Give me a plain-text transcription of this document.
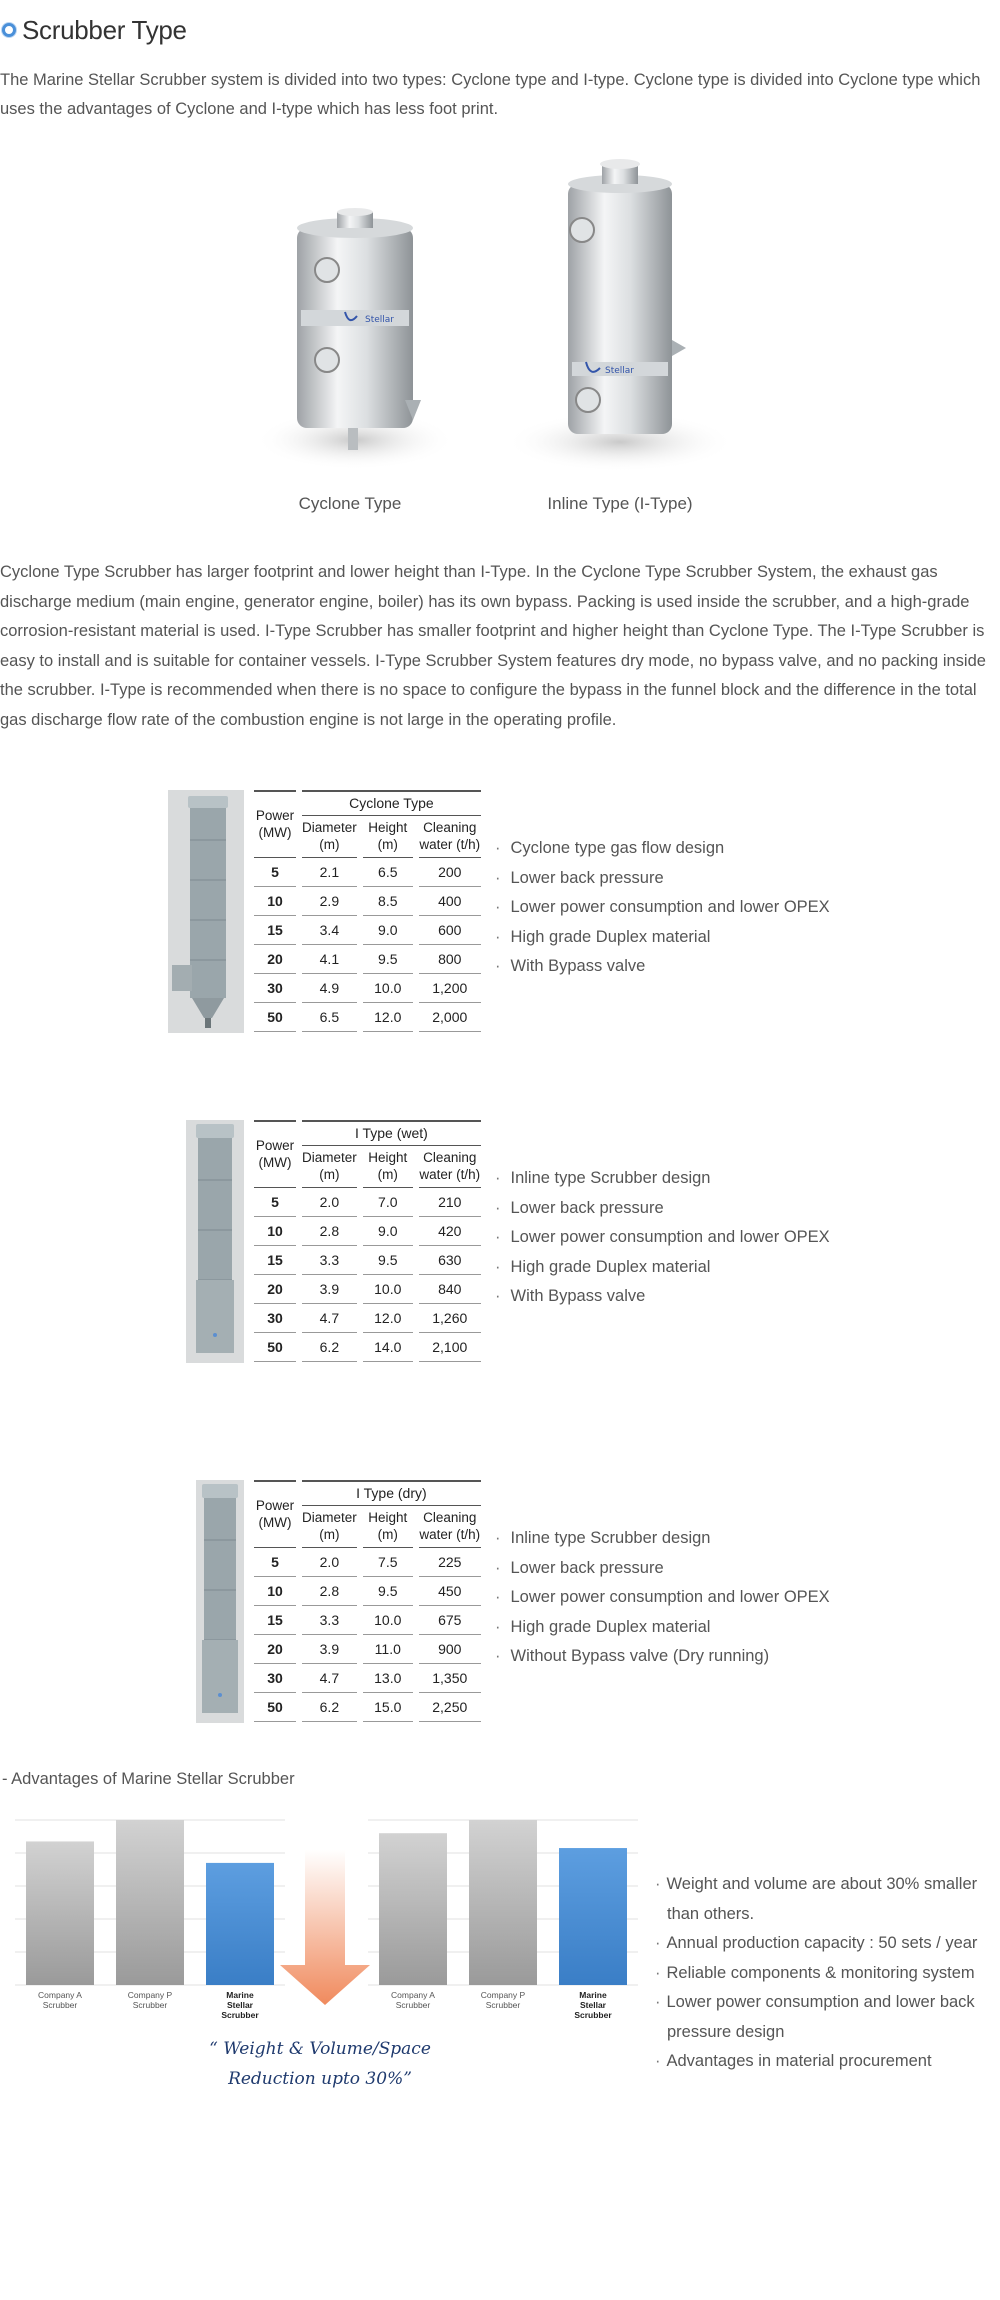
Scrubber Type

The Marine Stellar Scrubber system is divided into two types: Cyclone type and I-type. Cyclone type is divided into Cyclone type which uses the advantages of Cyclone and I-type which has less foot print.

Stellar
Cyclone Type
Stellar
Inline Type (I-Type)

Cyclone Type Scrubber has larger footprint and lower height than I-Type. In the Cyclone Type Scrubber System, the exhaust gas discharge medium (main engine, generator engine, boiler) has its own bypass. Packing is used inside the scrubber, and a high-grade corrosion-resistant material is used. I-Type Scrubber has smaller footprint and higher height than Cyclone Type. The I-Type Scrubber is easy to install and is suitable for container vessels. I-Type Scrubber System features dry mode, no bypass valve, and no packing inside the scrubber. I-Type is recommended when there is no space to configure the bypass in the funnel block and the difference in the total gas discharge flow rate of the combustion engine is not large in the operating profile.

Power (MW)		Cyclone Type				
		Diameter (m)		Height (m)		Cleaning water (t/h)
5		2.1		6.5		200
10		2.9		8.5		400
15		3.4		9.0		600
20		4.1		9.5		800
30		4.9		10.0		1,200
50		6.5		12.0		2,000
· Cyclone type gas flow design
· Lower back pressure
· Lower power consumption and lower OPEX
· High grade Duplex material
· With Bypass valve
Power (MW)		I Type (wet)				
		Diameter (m)		Height (m)		Cleaning water (t/h)
5		2.0		7.0		210
10		2.8		9.0		420
15		3.3		9.5		630
20		3.9		10.0		840
30		4.7		12.0		1,260
50		6.2		14.0		2,100
· Inline type Scrubber design
· Lower back pressure
· Lower power consumption and lower OPEX
· High grade Duplex material
· With Bypass valve
Power (MW)		I Type (dry)				
		Diameter (m)		Height (m)		Cleaning water (t/h)
5		2.0		7.5		225
10		2.8		9.5		450
15		3.3		10.0		675
20		3.9		11.0		900
30		4.7		13.0		1,350
50		6.2		15.0		2,250
· Inline type Scrubber design
· Lower back pressure
· Lower power consumption and lower OPEX
· High grade Duplex material
· Without Bypass valve (Dry running)
- Advantages of Marine Stellar Scrubber
Company A Scrubber
Company P Scrubber
Marine Stellar Scrubber
Company A Scrubber
Company P Scrubber
Marine Stellar Scrubber
“ Weight & Volume/Space
Reduction upto 30%”
· Weight and volume are about 30% smaller
than others.
· Annual production capacity : 50 sets / year
· Reliable components & monitoring system
· Lower power consumption and lower back
pressure design
· Advantages in material procurement
